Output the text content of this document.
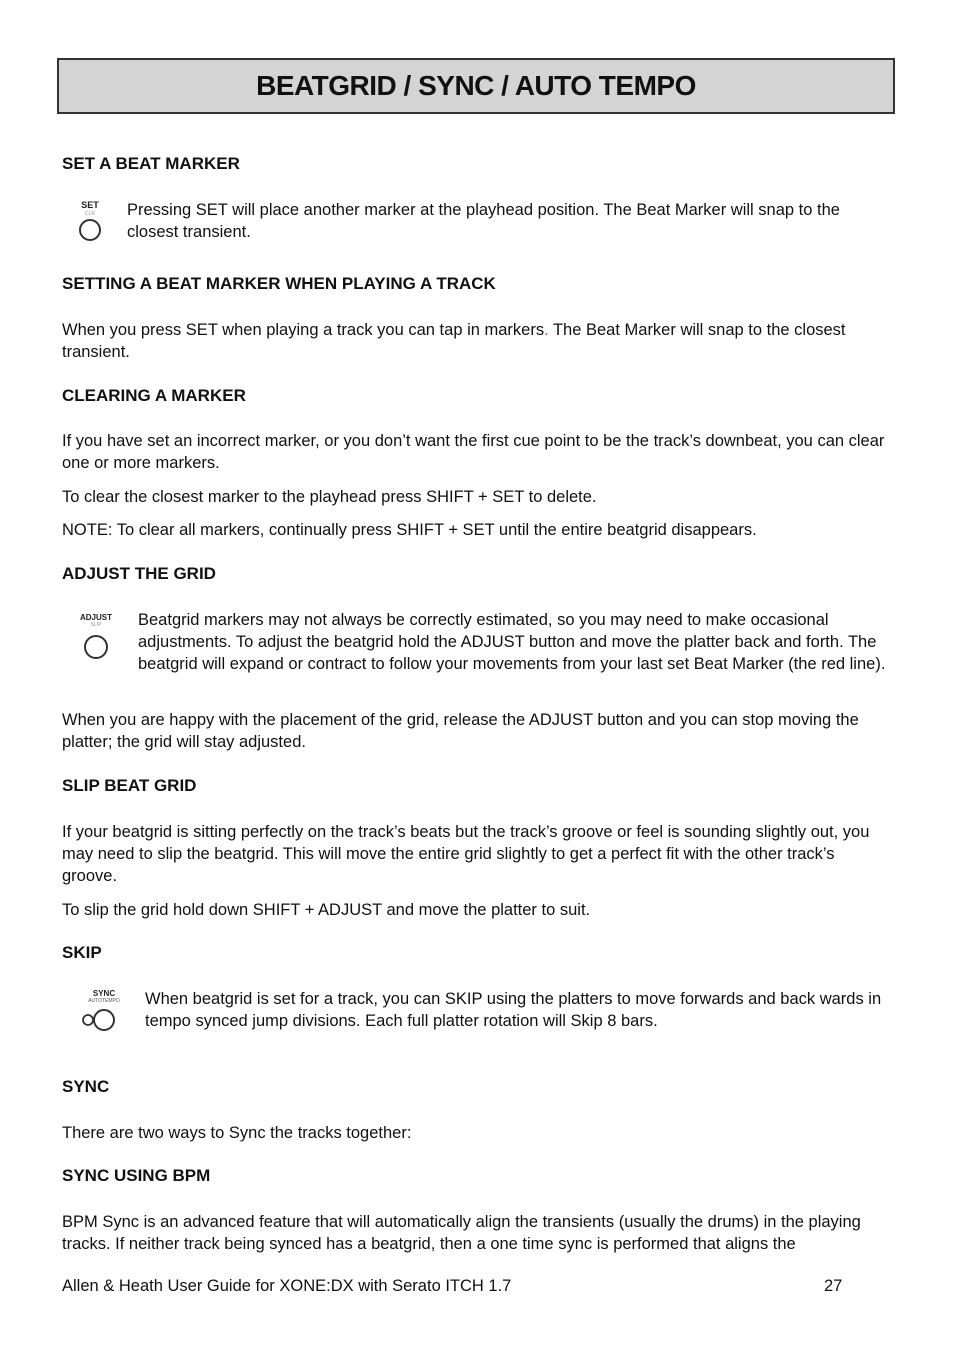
BEATGRID / SYNC / AUTO TEMPO
SET A BEAT MARKER
SET
CLR Pressing SET will place another marker at the playhead position. The Beat Marker will snap to the closest transient.

SETTING A BEAT MARKER WHEN PLAYING A TRACK

When you press SET when playing a track you can tap in markers. The Beat Marker will snap to the closest transient.

CLEARING A MARKER

If you have set an incorrect marker, or you don’t want the first cue point to be the track’s downbeat, you can clear one or more markers.

To clear the closest marker to the playhead press SHIFT + SET to delete.

NOTE: To clear all markers, continually press SHIFT + SET until the entire beatgrid disappears.

ADJUST THE GRID
ADJUST
SLIP Beatgrid markers may not always be correctly estimated, so you may need to make occasional adjustments. To adjust the beatgrid hold the ADJUST button and move the platter back and forth. The beatgrid will expand or contract to follow your movements from your last set Beat Marker (the red line).

When you are happy with the placement of the grid, release the ADJUST button and you can stop moving the platter; the grid will stay adjusted.

SLIP BEAT GRID

If your beatgrid is sitting perfectly on the track’s beats but the track’s groove or feel is sounding slightly out, you may need to slip the beatgrid. This will move the entire grid slightly to get a perfect fit with the other track’s groove.

To slip the grid hold down SHIFT + ADJUST and move the platter to suit.

SKIP
SYNC
AUTOTEMPO When beatgrid is set for a track, you can SKIP using the platters to move forwards and back wards in tempo synced jump divisions. Each full platter rotation will Skip 8 bars.

SYNC

There are two ways to Sync the tracks together:

SYNC USING BPM

BPM Sync is an advanced feature that will automatically align the transients (usually the drums) in the playing tracks. If neither track being synced has a beatgrid, then a one time sync is performed that aligns the

Allen & Heath User Guide for XONE:DX with Serato ITCH 1.7	27
